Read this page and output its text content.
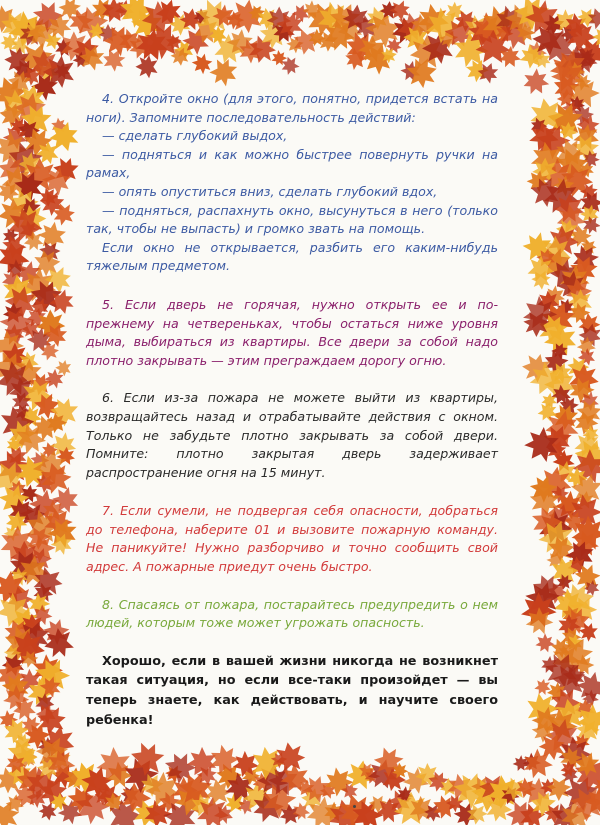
4. Откройте окно (для этого, понятно, придется встать на ноги). Запомните последовательность действий:

— сделать глубокий выдох,

— подняться и как можно быстрее повернуть ручки на рамах,

— опять опуститься вниз, сделать глубокий вдох,

— подняться, распахнуть окно, высунуться в него (только так, чтобы не выпасть) и громко звать на помощь.

Если окно не открывается, разбить его каким-нибудь тяжелым предметом.

5. Если дверь не горячая, нужно открыть ее и по-прежнему на четвереньках, чтобы остаться ниже уровня дыма, выбираться из квартиры. Все двери за собой надо плотно закрывать — этим преграждаем дорогу огню.

6. Если из-за пожара не можете выйти из квартиры, возвращайтесь назад и отрабатывайте действия с окном. Только не забудьте плотно закрывать за собой двери. Помните: плотно закрытая дверь задерживает распространение огня на 15 минут.

7. Если сумели, не подвергая себя опасности, добраться до телефона, наберите 01 и вызовите пожарную команду. Не паникуйте! Нужно разборчиво и точно сообщить свой адрес. А пожарные приедут очень быстро.

8. Спасаясь от пожара, постарайтесь предупредить о нем людей, которым тоже может угрожать опасность.

Хорошо, если в вашей жизни никогда не возникнет такая ситуация, но если все-таки произойдет — вы теперь знаете, как действовать, и научите своего ребенка!
